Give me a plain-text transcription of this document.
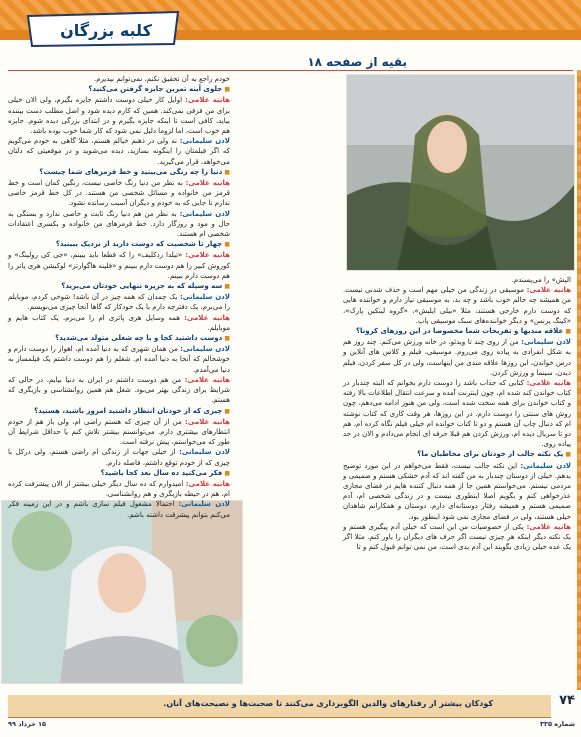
کلبه بزرگان
بقیه از صفحه ۱۸

خودم راجع به آن تحقیق نکنم، نمی‌توانم بپذیرم.

■ جلوی آینه تمرین جایزه گرفتن می‌کنید؟

هانیه غلامی: اوایل کار خیلی دوست داشتم جایزه بگیرم، ولی الان خیلی برای من فرقی نمی‌کند. همین که کارم دیده شود و اصل مطلب دست بیننده بیاید، کافی است تا اینکه جایزه بگیرم و در ابتدای بزرگی دیده شوم. جایزه هم خوب است، اما لزوما دلیل نمی شود که کار شما خوب بوده باشد.

لادن سلیمانی: نه ولی در ذهنم خیالم هستم، مثلا گاهی به خودم می‌گویم که اگر فیلمتان را اینگونه بسازید، دیده می‌شوید و در موقعیتی که دلتان می‌خواهد، قرار می‌گیرید.

■ دنیا را چه رنگی می‌بینید و خط قرمزهای شما چیست؟

هانیه غلامی: به نظر من دنیا رنگ خاصی نیست، رنگین کمان است و خط قرمز من خانواده و مسائل شخصی من هستند. در کل خط قرمز خاصی ندارم تا جایی که به خودم و دیگران آسیب رسانده نشود.

لادن سلیمانی: به نظر من هم دنیا رنگ ثابت و خاصی ندارد و بستگی به حال و مود و روزگار دارد. خط قرمزهای من خانواده و یکسری اعتقادات شخصی ام هستند.

■ چهار تا شخصیت که دوست دارید از نزدیک ببینید؟

هانیه غلامی: «تیلدا ردکلیف» را که قطعا باید ببینم، «جی کی رولینگ» و کوروش کبیر را هم دوست دارم ببینم و «فلینه هاگوارتز» لوکیشن هری پاتر را هم دوست دارم ببینم.

■ سه وسیله که به جزیره تنهایی خودتان می‌برید؟

لادن سلیمانی: یک چمدان که همه چیز در آن باشد! شوخی کردم، موبایلم را می‌برم، یک دفترچه دارم با یک خودکار که گاها آنجا چیزی می‌نویسم.

هانیه غلامی: همه وسایل هری پاتری ام را می‌برم، یک کتاب هایم و موبایلم.

■ دوست داشتید کجا و با چه شغلی متولد می‌شدید؟

لادن سلیمانی: من همان شهری که به دنیا آمده ام، اهواز را دوست دارم و خوشحالم که آنجا به دنیا آمده ام. شغلم را هم دوست داشتم یک فیلمساز به دنیا می‌آمدم.

هانیه غلامی: من هم دوست داشتم در ایران به دنیا بیایم، در حالی که شرایط برای زندگی بهتر می‌بود. شغل هم همین روانشناسی و بازیگری که هستم.

■ چیزی که از خودتان انتظار داشتید امروز باشید، هستید؟

هانیه غلامی: من از آن چیزی که هستم راضی ام، ولی باز هم از خودم انتظارهای بیشتری دارم. می‌توانستم بیشتر تلاش کنم یا حداقل شرایط آن طور که می‌خواستم، پیش نرفته است.

لادن سلیمانی: از خیلی جهات از زندگی ام راضی هستم، ولی درکل با چیزی که از خودم توقع داشتم، فاصله دارم.

■ فکر می‌کنید ده سال بعد کجا باشید؟

هانیه غلامی: امیدوارم که ده سال دیگر خیلی بیشتر از الان پیشرفت کرده ام، هم در حیطه بازیگری و هم روانشناسی.

لادن سلیمانی: احتمالا مشغول فیلم سازی باشم و در این زمینه فکر می‌کنم بتوانم پیشرفت داشته باشم.

الیش» را می‌پسندم.

هانیه غلامی: موسیقی در زندگی من خیلی مهم است و حذف شدنی نیست. من همیشه چه حالم خوب باشد و چه بد، به موسیقی نیاز دارم و خواننده هایی که دوست دارم خارجی هستند، مثلا «بیلی ایلیش»، «گروه لینکین پارک»، «کینگ پرنس» و دیگر خواننده‌های سبک موسیقی پاپ.

■ علاقه مندیها و تفریحات شما مخصوصا در این روزهای کرونا؟

لادن سلیمانی: من از روی چند تا ویدئو، در خانه ورزش می‌کنم. چند روز هم به شکل انفرادی به پیاده روی می‌روم. موسیقی، فیلم و کلاس های آنلاین و درس خواندن، این روزها علاقه مندی من اینهاست، ولی در کل سفر کردن، فیلم دیدن، سینما و ورزش کردن.

هانیه غلامی: کتابی که جذاب باشد را دوست دارم بخوانم که البته چندبار در کتاب خواندن کند شده ام، چون اینترنت آمده و سرعت انتقال اطلاعات بالا رفته و کتاب خواندن برای همه سخت شده است، ولی من هنوز ادامه می‌دهم، چون روش های سنتی را دوست دارم. در این روزها، هر وقت کاری که کتاب نوشته ام که دنبال چاپ آن هستم و دو تا کتاب خوانده ام خیلی فیلم نگاه کرده ام، هم دو تا سریال دیده ام، ورزش کردن هم قبلا حرفه ای انجام می‌دادم و الان در حد پیاده روی.

■ یک نکته جالب از خودتان برای مخاطبان ما؟

لادن سلیمانی: این نکته جالب نیست، فقط می‌خواهم در این مورد توضیح بدهم. خیلی از دوستان چندبار به من گفته اند که آدم خشکی هستم و صمیمی و مردمی نیستم. می‌خواستم همین جا از همه دنبال کننده هایم در فضای مجازی عذرخواهی کنم و بگویم اصلا اینطوری نیست و در زندگی شخصی ام، آدم صمیمی هستم و همیشه رفتار دوستانه‌ای دارم. دوستان و همکارانم شاهدان خیلی هستند، ولی در فضای مجازی نمی شود اینطور بود.

هانیه غلامی: یکی از خصوصیات من این است که خیلی آدم پیگیری هستم و یک نکته دیگر اینکه هر چیزی نیست اگر حرف های دیگران را باور کنم. مثلا اگر یک عده خیلی زیادی بگویند این آدم بدی است، من نمی توانم قبول کنم و تا

کودکان بیشتر از رفتارهای والدین الگوبرداری می‌کنند تا صحبت‌ها و نصیحت‌های آنان.	۷۴
شماره ۳۳۵
۱۵ خرداد ۹۹
